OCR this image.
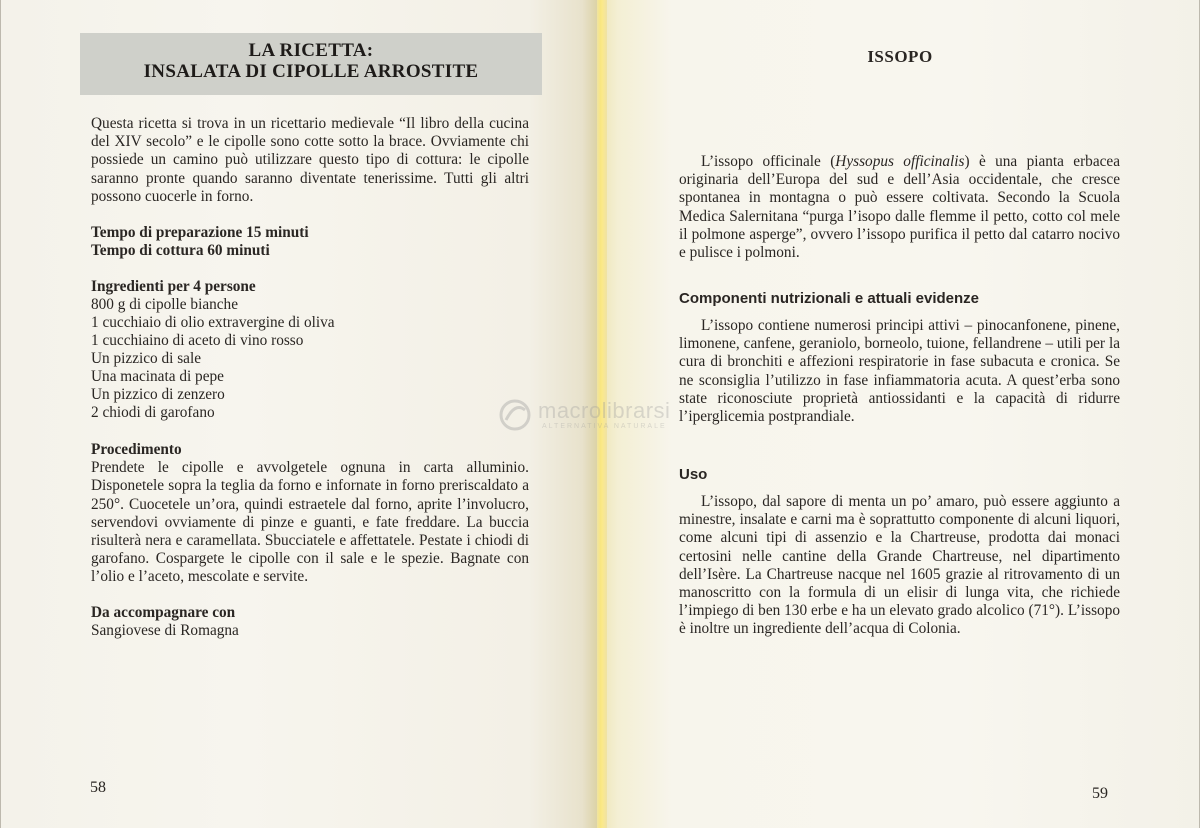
LA RICETTA:
INSALATA DI CIPOLLE ARROSTITE

Questa ricetta si trova in un ricettario medievale “Il libro della cucina del XIV secolo” e le cipolle sono cotte sotto la brace. Ovviamente chi possiede un camino può utilizzare questo tipo di cottura: le cipolle saranno pronte quando saranno diventate tenerissime. Tutti gli altri possono cuocerle in forno.

Tempo di preparazione 15 minuti
Tempo di cottura 60 minuti
Ingredienti per 4 persone
800 g di cipolle bianche
1 cucchiaio di olio extravergine di oliva
1 cucchiaino di aceto di vino rosso
Un pizzico di sale
Una macinata di pepe
Un pizzico di zenzero
2 chiodi di garofano
Procedimento

Prendete le cipolle e avvolgetele ognuna in carta alluminio. Disponetele sopra la teglia da forno e infornate in forno preriscaldato a 250°. Cuocetele un’ora, quindi estraetele dal forno, aprite l’involucro, servendovi ovviamente di pinze e guanti, e fate freddare. La buccia risulterà nera e caramellata. Sbucciatele e affettatele. Pestate i chiodi di garofano. Cospargete le cipolle con il sale e le spezie. Bagnate con l’olio e l’aceto, mescolate e servite.

Da accompagnare con
Sangiovese di Romagna
58
ISSOPO

L’issopo officinale (Hyssopus officinalis) è una pianta erbacea originaria dell’Europa del sud e dell’Asia occidentale, che cresce spontanea in montagna o può essere coltivata. Secondo la Scuola Medica Salernitana “purga l’isopo dalle flemme il petto, cotto col mele il polmone asperge”, ovvero l’issopo purifica il petto dal catarro nocivo e pulisce i polmoni.

Componenti nutrizionali e attuali evidenze

L’issopo contiene numerosi principi attivi – pinocanfonene, pinene, limonene, canfene, geraniolo, borneolo, tuione, fellandrene – utili per la cura di bronchiti e affezioni respiratorie in fase subacuta e cronica. Se ne sconsiglia l’utilizzo in fase infiammatoria acuta. A quest’erba sono state riconosciute proprietà antiossidanti e la capacità di ridurre l’iperglicemia postprandiale.

Uso

L’issopo, dal sapore di menta un po’ amaro, può essere aggiunto a minestre, insalate e carni ma è soprattutto componente di alcuni liquori, come alcuni tipi di assenzio e la Chartreuse, prodotta dai monaci certosini nelle cantine della Grande Chartreuse, nel dipartimento dell’Isère. La Chartreuse nacque nel 1605 grazie al ritrovamento di un manoscritto con la formula di un elisir di lunga vita, che richiede l’impiego di ben 130 erbe e ha un elevato grado alcolico (71°). L’issopo è inoltre un ingrediente dell’acqua di Colonia.

59
macrolibrarsi
ALTERNATIVA NATURALE
